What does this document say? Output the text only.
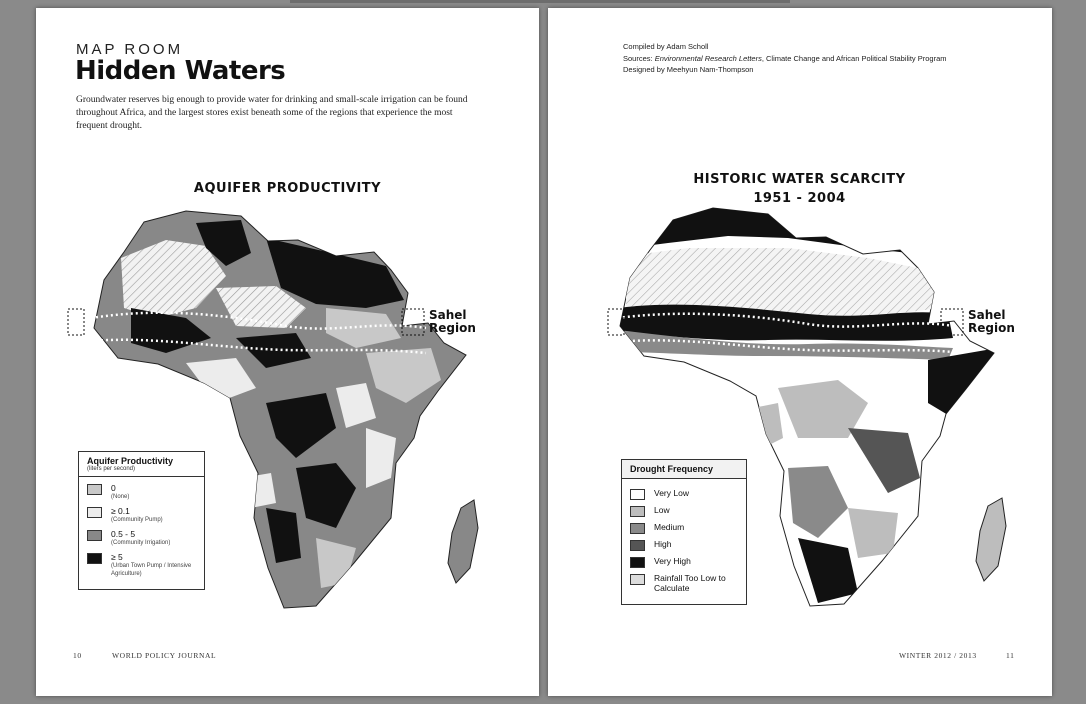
MAP ROOM
Hidden Waters
Groundwater reserves big enough to provide water for drinking and small-scale irrigation can be found throughout Africa, and the largest stores exist beneath some of the regions that experience the most frequent drought.
AQUIFER PRODUCTIVITY
Sahel
Region
Aquifer Productivity
(liters per second)
0
(None)
≥ 0.1
(Community Pump)
0.5 - 5
(Community Irrigation)
≥ 5
(Urban Town Pump / Intensive Agriculture)
10	WORLD POLICY JOURNAL
Compiled by Adam Scholl
Sources: Environmental Research Letters, Climate Change and African Political Stability Program
Designed by Meehyun Nam-Thompson
HISTORIC WATER SCARCITY
1951 - 2004
Sahel
Region
Drought Frequency
Very Low
Low
Medium
High
Very High
Rainfall Too Low to Calculate
WINTER 2012 / 2013	11
